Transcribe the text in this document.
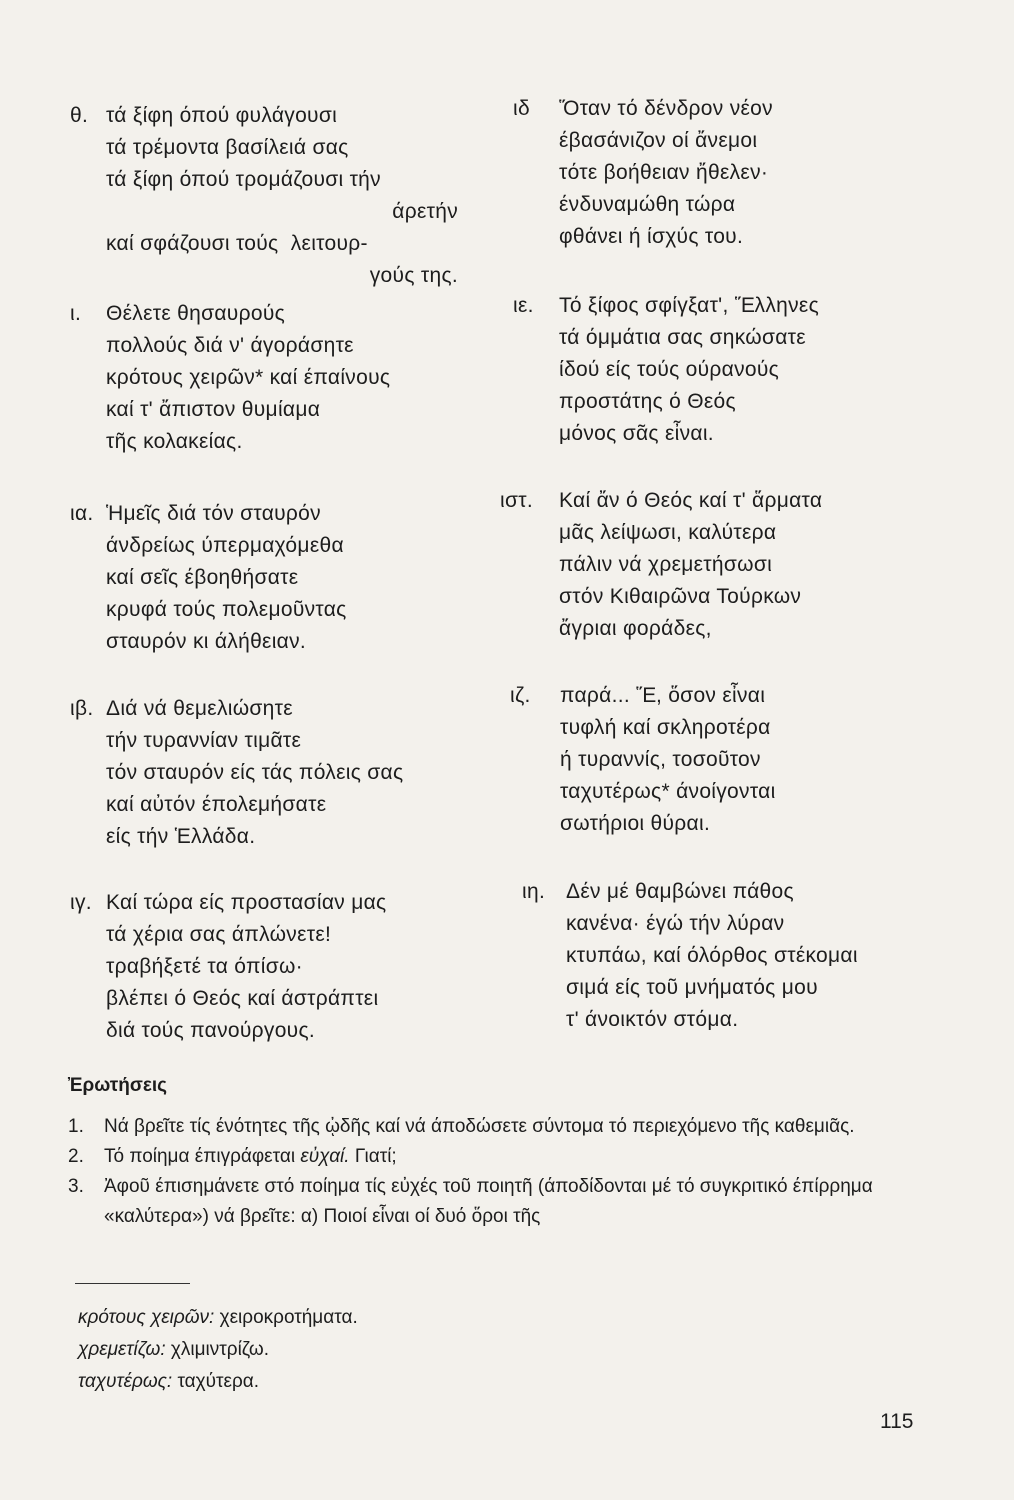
θ. τά ξίφη όπού φυλάγουσι
τά τρέμοντα βασίλειά σας
τά ξίφη όπού τρομάζουσι τήν
άρετήν
καί σφάζουσι τούς  λειτουρ-
γούς της.
ι. Θέλετε θησαυρούς
πολλούς διά ν' άγοράσητε
κρότους χειρῶν* καί έπαίνους
καί τ' ἄπιστον θυμίαμα
τῆς κολακείας.
ια. Ἡμεῖς διά τόν σταυρόν
άνδρείως ύπερμαχόμεθα
καί σεῖς έβοηθήσατε
κρυφά τούς πολεμοῦντας
σταυρόν κι άλήθειαν.
ιβ. Διά νά θεμελιώσητε
τήν τυραννίαν τιμᾶτε
τόν σταυρόν είς τάς πόλεις σας
καί αὐτόν έπολεμήσατε
είς τήν Ἑλλάδα.
ιγ. Καί τώρα είς προστασίαν μας
τά χέρια σας άπλώνετε!
τραβήξετέ τα όπίσω·
βλέπει ό Θεός καί άστράπτει
διά τούς πανούργους.
ιδ Ὅταν τό δένδρον νέον
έβασάνιζον οί ἄνεμοι
τότε βοήθειαν ἤθελεν·
ένδυναμώθη τώρα
φθάνει ή ίσχύς του.
ιε. Τό ξίφος σφίγξατ', Ἕλληνες
τά όμμάτια σας σηκώσατε
ίδού είς τούς ούρανούς
προστάτης ό Θεός
μόνος σᾶς εἶναι.
ιστ. Καί ἄν ό Θεός καί τ' ἅρματα
μᾶς λείψωσι, καλύτερα
πάλιν νά χρεμετήσωσι
στόν Κιθαιρῶνα Τούρκων
ἄγριαι φοράδες,
ιζ. παρά... Ἕ, ὅσον εἶναι
τυφλή καί σκληροτέρα
ή τυραννίς, τοσοῦτον
ταχυτέρως* άνοίγονται
σωτήριοι θύραι.
ιη. Δέν μέ θαμβώνει πάθος
κανένα· έγώ τήν λύραν
κτυπάω, καί όλόρθος στέκομαι
σιμά είς τοῦ μνήματός μου
τ' άνοικτόν στόμα.
Ἐρωτήσεις
1. Νά βρεῖτε τίς ένότητες τῆς ᾠδῆς καί νά άποδώσετε σύντομα τό περιεχόμενο τῆς καθεμιᾶς.
2. Τό ποίημα έπιγράφεται εὐχαί. Γιατί;
3. Ἀφοῦ έπισημάνετε στό ποίημα τίς εὐχές τοῦ ποιητῆ (άποδίδονται μέ τό συγκριτικό έπίρρημα «καλύτερα») νά βρεῖτε: α) Ποιοί εἶναι οί δυό ὅροι τῆς
κρότους χειρῶν: χειροκροτήματα.
χρεμετίζω: χλιμιντρίζω.
ταχυτέρως: ταχύτερα.
115
